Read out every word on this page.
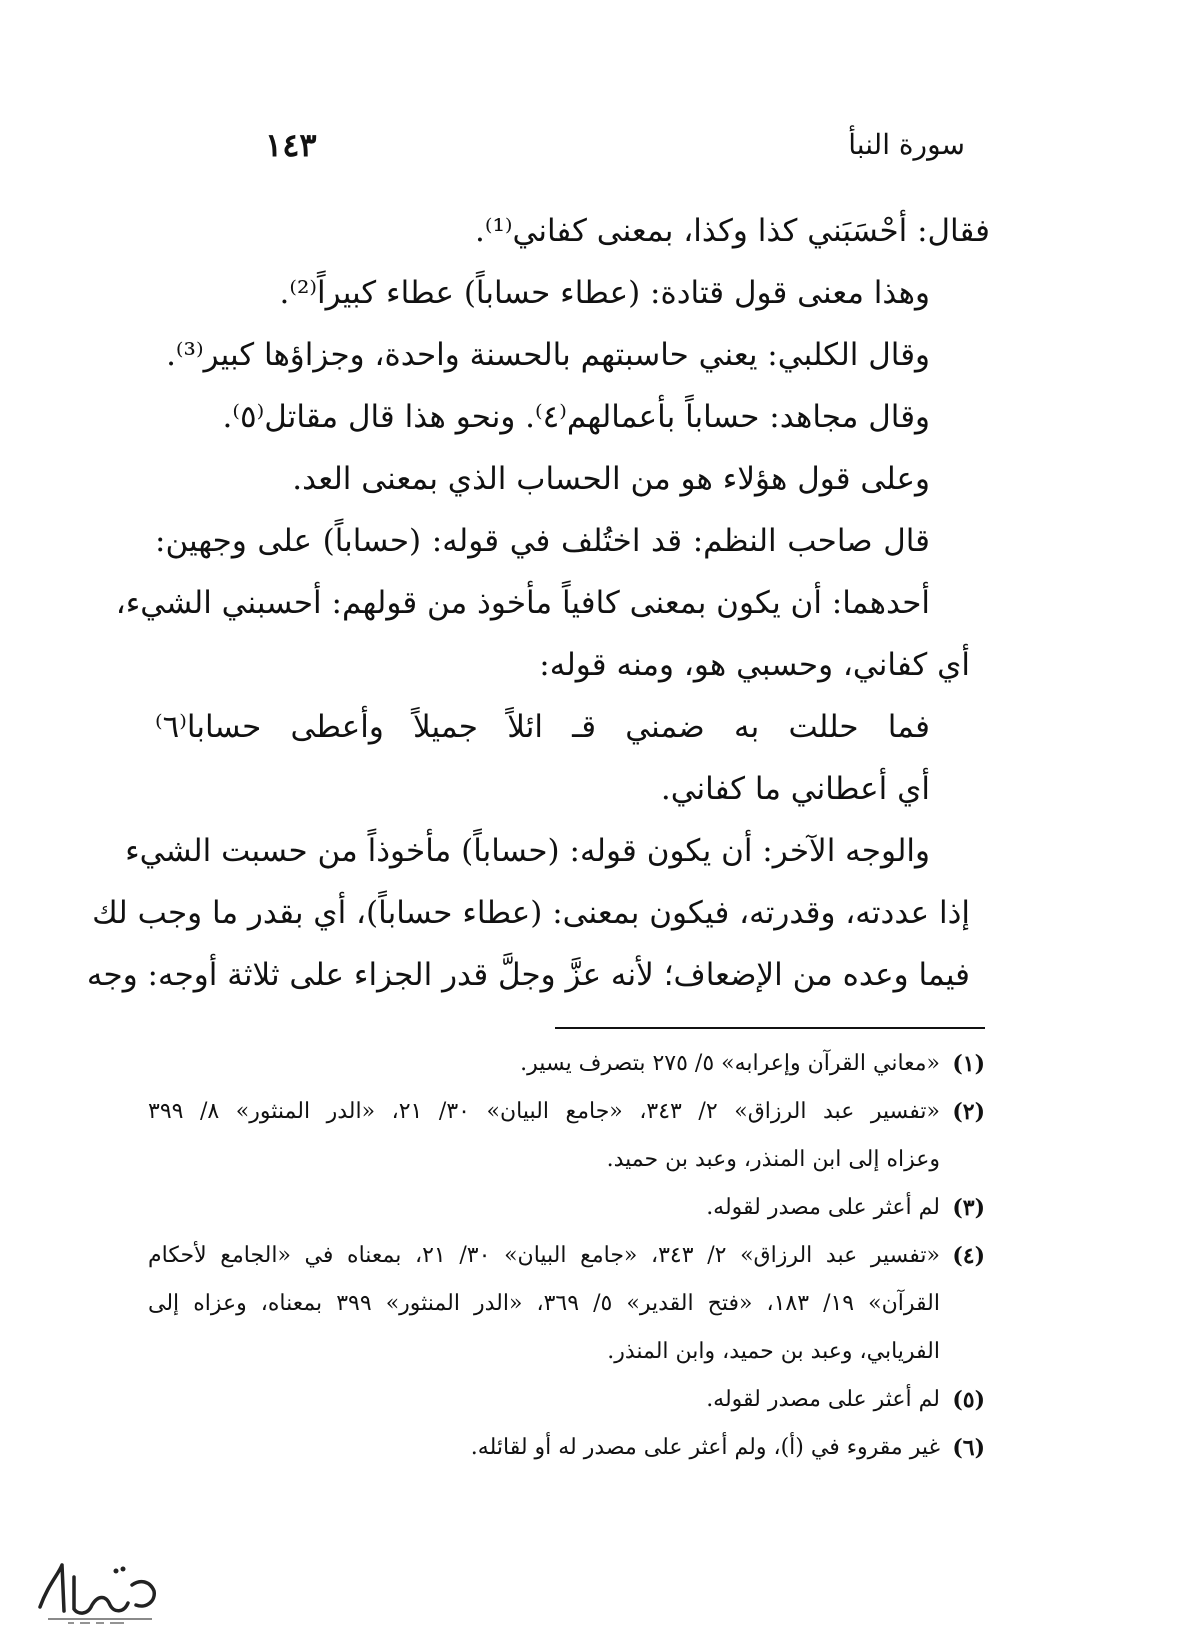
سورة النبأ
١٤٣
فقال: أحْسَبَني كذا وكذا، بمعنى كفاني⁽¹⁾.
وهذا معنى قول قتادة: (عطاء حساباً) عطاء كبيراً⁽²⁾.
وقال الكلبي: يعني حاسبتهم بالحسنة واحدة، وجزاؤها كبير⁽³⁾.
وقال مجاهد: حساباً بأعمالهم⁽٤⁾. ونحو هذا قال مقاتل⁽٥⁾.
وعلى قول هؤلاء هو من الحساب الذي بمعنى العد.
قال صاحب النظم: قد اختُلف في قوله: (حساباً) على وجهين:
أحدهما: أن يكون بمعنى كافياً مأخوذ من قولهم: أحسبني الشيء،
أي كفاني، وحسبي هو، ومنه قوله:
فما حللت به ضمني قـ ائلاً جميلاً وأعطى حسابا⁽٦⁾
أي أعطاني ما كفاني.
والوجه الآخر: أن يكون قوله: (حساباً) مأخوذاً من حسبت الشيء
إذا عددته، وقدرته، فيكون بمعنى: (عطاء حساباً)، أي بقدر ما وجب لك
فيما وعده من الإضعاف؛ لأنه عزَّ وجلَّ قدر الجزاء على ثلاثة أوجه: وجه
(١)
«معاني القرآن وإعرابه» ٥/ ٢٧٥ بتصرف يسير.
(٢)
«تفسير عبد الرزاق» ٢/ ٣٤٣، «جامع البيان» ٣٠/ ٢١، «الدر المنثور» ٨/ ٣٩٩
وعزاه إلى ابن المنذر، وعبد بن حميد.
(٣)
لم أعثر على مصدر لقوله.
(٤)
«تفسير عبد الرزاق» ٢/ ٣٤٣، «جامع البيان» ٣٠/ ٢١، بمعناه في «الجامع لأحكام
القرآن» ١٩/ ١٨٣، «فتح القدير» ٥/ ٣٦٩، «الدر المنثور» ٣٩٩ بمعناه، وعزاه إلى
الفريابي، وعبد بن حميد، وابن المنذر.
(٥)
لم أعثر على مصدر لقوله.
(٦)
غير مقروء في (أ)، ولم أعثر على مصدر له أو لقائله.
